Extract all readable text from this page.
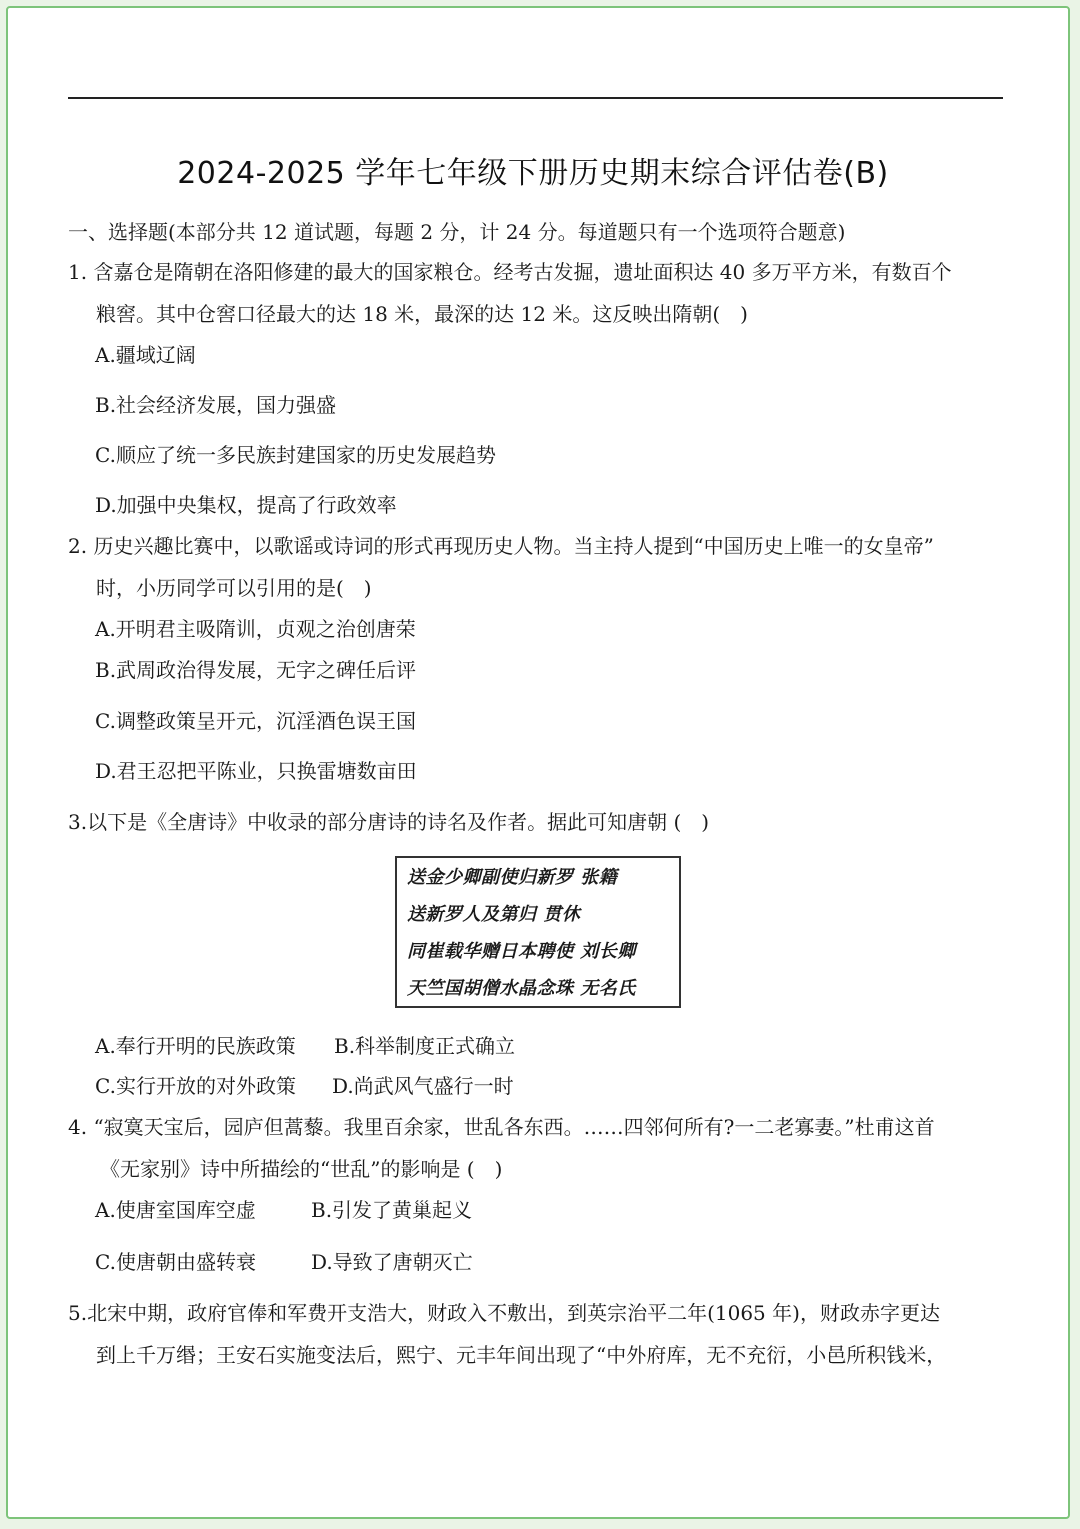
2024-2025 学年七年级下册历史期末综合评估卷(B)
一、选择题(本部分共 12 道试题，每题 2 分，计 24 分。每道题只有一个选项符合题意)
1. 含嘉仓是隋朝在洛阳修建的最大的国家粮仓。经考古发掘，遗址面积达 40 多万平方米，有数百个
粮窖。其中仓窖口径最大的达 18 米，最深的达 12 米。这反映出隋朝(　)
A.疆域辽阔
B.社会经济发展，国力强盛
C.顺应了统一多民族封建国家的历史发展趋势
D.加强中央集权，提高了行政效率
2. 历史兴趣比赛中，以歌谣或诗词的形式再现历史人物。当主持人提到“中国历史上唯一的女皇帝”
时，小历同学可以引用的是(　)
A.开明君主吸隋训，贞观之治创唐荣
B.武周政治得发展，无字之碑任后评
C.调整政策呈开元，沉淫酒色误王国
D.君王忍把平陈业，只换雷塘数亩田
3.以下是《全唐诗》中收录的部分唐诗的诗名及作者。据此可知唐朝 (　)
送金少卿副使归新罗 张籍
送新罗人及第归 贯休
同崔载华赠日本聘使 刘长卿
天竺国胡僧水晶念珠 无名氏
A.奉行开明的民族政策 B.科举制度正式确立
C.实行开放的对外政策 D.尚武风气盛行一时
4. “寂寞天宝后，园庐但蒿藜。我里百余家，世乱各东西。……四邻何所有?一二老寡妻。”杜甫这首
《无家别》诗中所描绘的“世乱”的影响是 (　)
A.使唐室国库空虚	B.引发了黄巢起义
C.使唐朝由盛转衰	D.导致了唐朝灭亡
5.北宋中期，政府官俸和军费开支浩大，财政入不敷出，到英宗治平二年(1065 年)，财政赤字更达
到上千万缗；王安石实施变法后，熙宁、元丰年间出现了“中外府库，无不充衍，小邑所积钱米，
